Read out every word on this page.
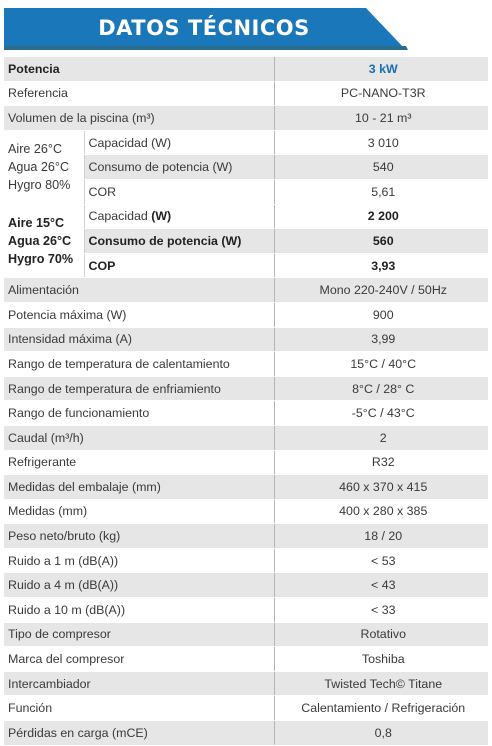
DATOS TÉCNICOS
Potencia		3 kW
Referencia		PC-NANO-T3R
Volumen de la piscina (m³)		10 - 21 m³

Aire 26°C
Agua 26°C
Hygro 80%	Capacidad (W)	3 010
	Consumo de potencia (W)	540
	COR	5,61

Aire 15°C
Agua 26°C
Hygro 70%	Capacidad (W)	2 200
	Consumo de potencia (W)	560
	COP	3,93
Alimentación		Mono 220-240V / 50Hz
Potencia máxima (W)		900
Intensidad máxima (A)		3,99
Rango de temperatura de calentamiento		15°C / 40°C
Rango de temperatura de enfriamiento		8°C / 28° C
Rango de funcionamiento		-5°C / 43°C
Caudal (m³/h)		2
Refrigerante		R32
Medidas del embalaje (mm)		460 x 370 x 415
Medidas (mm)		400 x 280 x 385
Peso neto/bruto (kg)		18 / 20
Ruido a 1 m (dB(A))		< 53
Ruido a 4 m (dB(A))		< 43
Ruido a 10 m (dB(A))		< 33
Tipo de compresor		Rotativo
Marca del compresor		Toshiba
Intercambiador		Twisted Tech© Titane
Función		Calentamiento / Refrigeración
Pérdidas en carga (mCE)		0,8
